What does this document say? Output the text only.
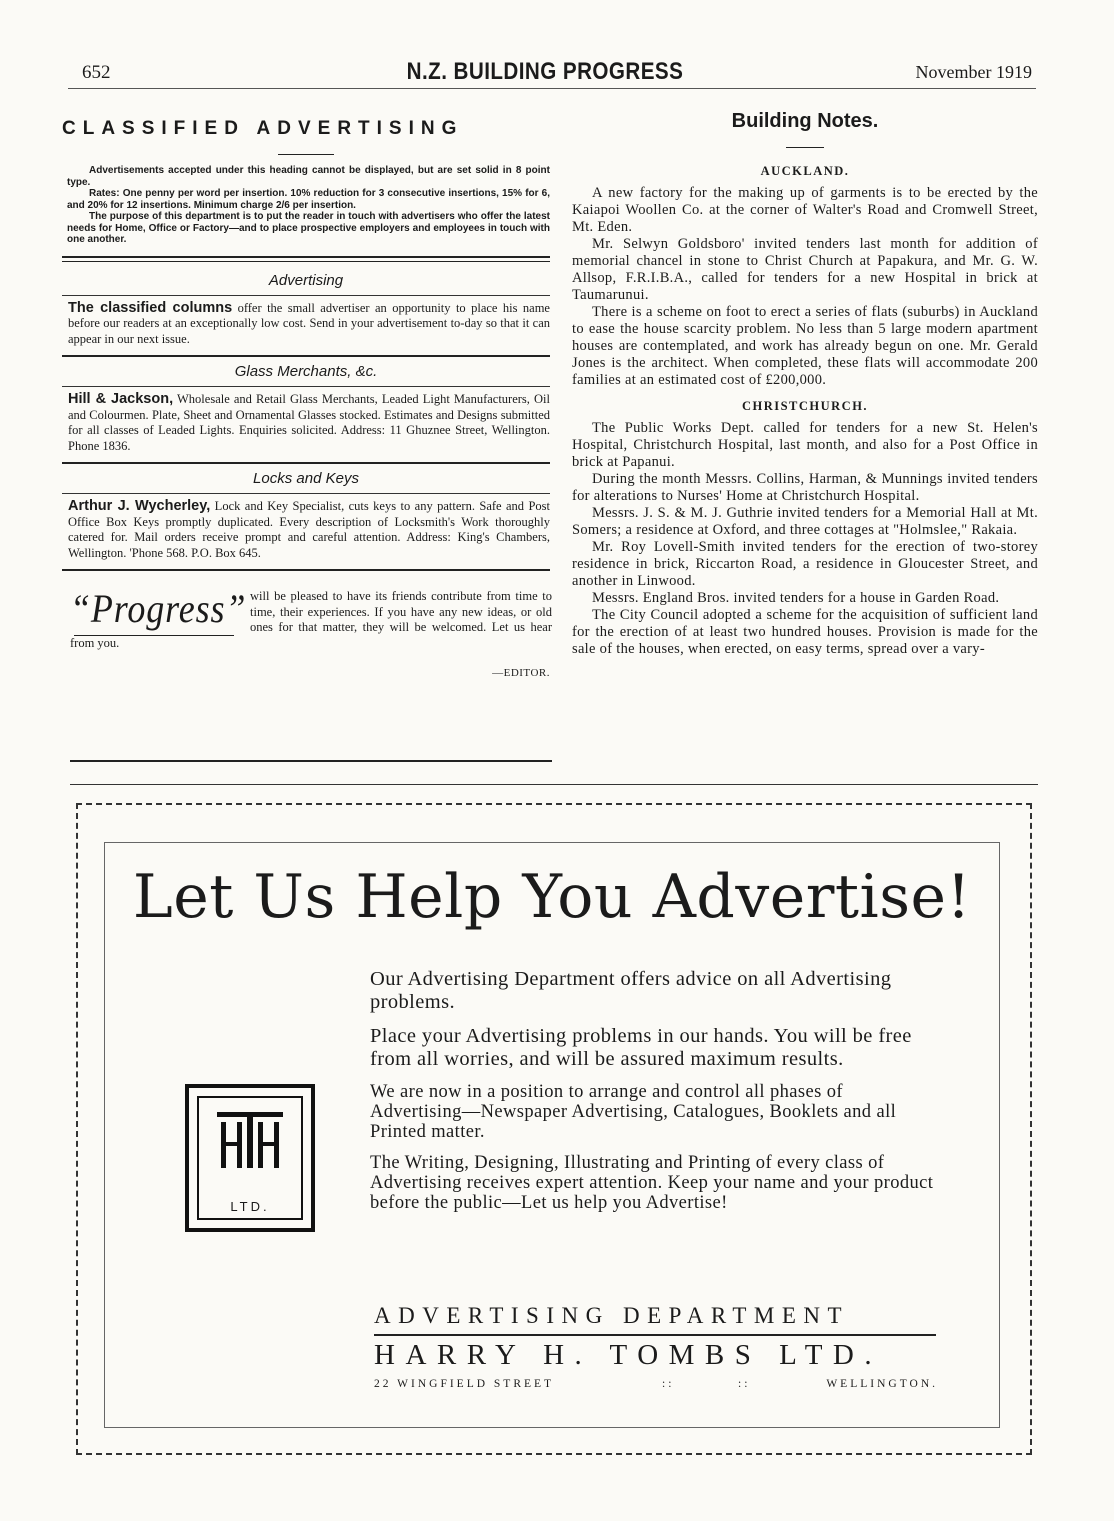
652	N.Z. BUILDING PROGRESS	November 1919
CLASSIFIED ADVERTISING

Advertisements accepted under this heading cannot be displayed, but are set solid in 8 point type.

Rates: One penny per word per insertion. 10% reduction for 3 consecutive insertions, 15% for 6, and 20% for 12 insertions. Minimum charge 2/6 per insertion.

The purpose of this department is to put the reader in touch with advertisers who offer the latest needs for Home, Office or Factory—and to place prospective employers and employees in touch with one another.

Advertising

The classified columns offer the small advertiser an opportunity to place his name before our readers at an exceptionally low cost. Send in your advertisement to-day so that it can appear in our next issue.

Glass Merchants, &c.

Hill & Jackson, Wholesale and Retail Glass Merchants, Leaded Light Manufacturers, Oil and Colourmen. Plate, Sheet and Ornamental Glasses stocked. Estimates and Designs submitted for all classes of Leaded Lights. Enquiries solicited. Address: 11 Ghuznee Street, Wellington. Phone 1836.

Locks and Keys

Arthur J. Wycherley, Lock and Key Specialist, cuts keys to any pattern. Safe and Post Office Box Keys promptly duplicated. Every description of Locksmith's Work thoroughly catered for. Mail orders receive prompt and careful attention. Address: King's Chambers, Wellington. 'Phone 568. P.O. Box 645.

will be pleased to have its friends contribute from time to time, their experiences. If you have any new ideas, or old ones for that matter, they will be welcomed. Let us hear from you.
“Progress”
—EDITOR.
Building Notes.
AUCKLAND.

A new factory for the making up of garments is to be erected by the Kaiapoi Woollen Co. at the corner of Walter's Road and Cromwell Street, Mt. Eden.

Mr. Selwyn Goldsboro' invited tenders last month for addition of memorial chancel in stone to Christ Church at Papakura, and Mr. G. W. Allsop, F.R.I.B.A., called for tenders for a new Hospital in brick at Taumarunui.

There is a scheme on foot to erect a series of flats (suburbs) in Auckland to ease the house scarcity problem. No less than 5 large modern apartment houses are contemplated, and work has already begun on one. Mr. Gerald Jones is the architect. When completed, these flats will accommodate 200 families at an estimated cost of £200,000.

CHRISTCHURCH.

The Public Works Dept. called for tenders for a new St. Helen's Hospital, Christchurch Hospital, last month, and also for a Post Office in brick at Papanui.

During the month Messrs. Collins, Harman, & Munnings invited tenders for alterations to Nurses' Home at Christchurch Hospital.

Messrs. J. S. & M. J. Guthrie invited tenders for a Memorial Hall at Mt. Somers; a residence at Oxford, and three cottages at "Holmslee," Rakaia.

Mr. Roy Lovell-Smith invited tenders for the erection of two-storey residence in brick, Riccarton Road, a residence in Gloucester Street, and another in Linwood.

Messrs. England Bros. invited tenders for a house in Garden Road.

The City Council adopted a scheme for the acquisition of sufficient land for the erection of at least two hundred houses. Provision is made for the sale of the houses, when erected, on easy terms, spread over a vary-

Let Us Help You Advertise!
LTD.

Our Advertising Department offers advice on all Advertising problems.

Place your Advertising problems in our hands. You will be free from all worries, and will be assured maximum results.

We are now in a position to arrange and control all phases of Advertising—Newspaper Advertising, Catalogues, Booklets and all Printed matter.

The Writing, Designing, Illustrating and Printing of every class of Advertising receives expert attention. Keep your name and your product before the public—Let us help you Advertise!

ADVERTISING DEPARTMENT
HARRY H. TOMBS LTD.
22 WINGFIELD STREET	::	::	WELLINGTON.
